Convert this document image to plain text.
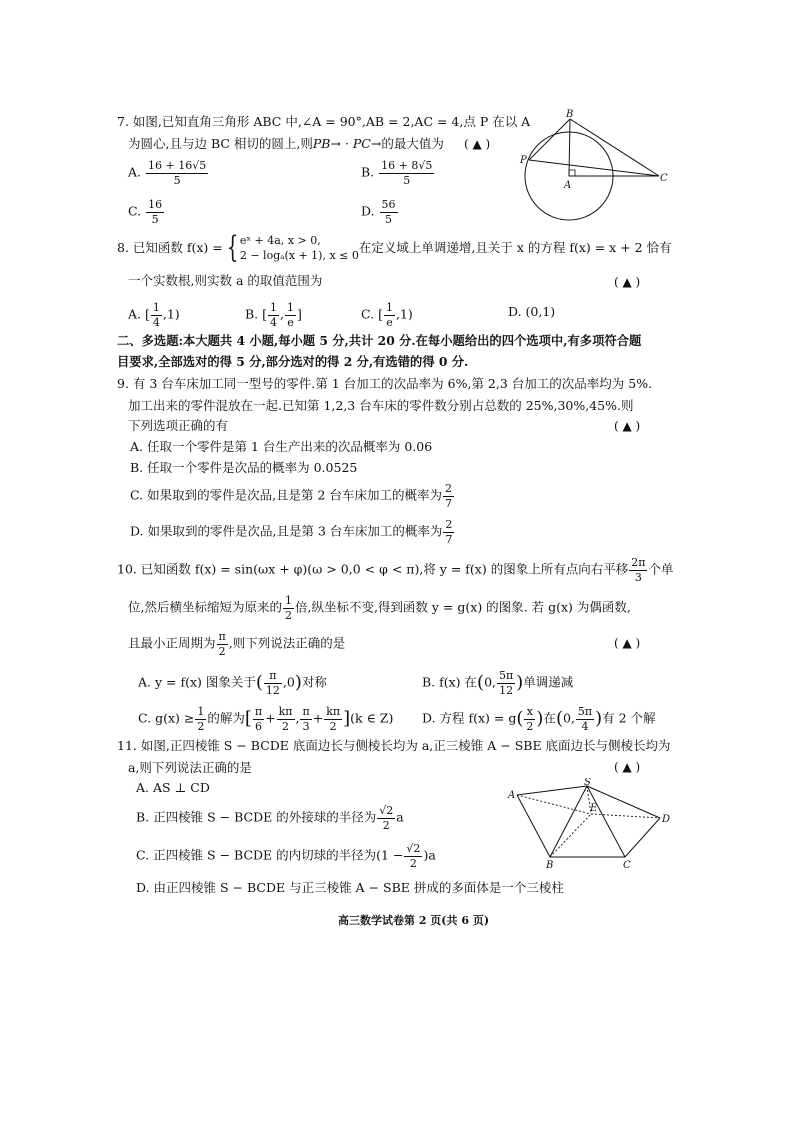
7. 如图,已知直角三角形 ABC 中,∠A = 90°,AB = 2,AC = 4,点 P 在以 A
为圆心,且与边 BC 相切的圆上,则PB→ · PC→的最大值为 ( ▲ )
A. $\frac{16 + 16√5}{5}$	B. $\frac{16 + 8√5}{5}$
C. $\frac{16}{5}$	D. $\frac{56}{5}$
B
A
C
P
8. 已知函数 f(x) = { eˣ + 4a, x > 0,
2 − logₐ(x + 1), x ≤ 0
在定义域上单调递增,且关于 x 的方程 f(x) = x + 2 恰有
一个实数根,则实数 a 的取值范围为	( ▲ )
A. [ $\frac{1}{4} ,1$)	B. [ $\frac{1}{4}$ , $\frac{1}{e}$ ]	C. [ $\frac{1}{e} ,1$)	D. (0,1)
二、多选题:本大题共 4 小题,每小题 5 分,共计 20 分.在每小题给出的四个选项中,有多项符合题
目要求,全部选对的得 5 分,部分选对的得 2 分,有选错的得 0 分.
9. 有 3 台车床加工同一型号的零件.第 1 台加工的次品率为 6%,第 2,3 台加工的次品率均为 5%.
加工出来的零件混放在一起.已知第 1,2,3 台车床的零件数分别占总数的 25%,30%,45%.则
下列选项正确的有	( ▲ )
A. 任取一个零件是第 1 台生产出来的次品概率为 0.06
B. 任取一个零件是次品的概率为 0.0525
C. 如果取到的零件是次品,且是第 2 台车床加工的概率为 $\frac{2}{7}$
D. 如果取到的零件是次品,且是第 3 台车床加工的概率为 $\frac{2}{7}$
10. 已知函数 f(x) = sin(ωx + φ)(ω > 0,0 < φ < π),将 y = f(x) 的图象上所有点向右平移 $\frac{2\pi}{3}$ 个单
位,然后横坐标缩短为原来的 $\frac{1}{2}$ 倍,纵坐标不变,得到函数 y = g(x) 的图象. 若 g(x) 为偶函数,
且最小正周期为 $\frac{\pi}{2}$ ,则下列说法正确的是	( ▲ )
A. y = f(x) 图象关于( $\frac{\pi}{12} ,0$)对称	B. f(x) 在(0, $\frac{5\pi}{12}$ )单调递减
C. $g(x) \ge \frac{1}{2}$ 的解为[ $\frac{\pi}{6} + \frac{k\pi}{2}$ , $\frac{\pi}{3} + \frac{k\pi}{2} ](k$ ∈ Z) D. 方程 $f(x) = g( \frac{x}{2}$ )在(0, $\frac{5\pi}{4}$ )有 2 个解
11. 如图,正四棱锥 S − BCDE 底面边长与侧棱长均为 a,正三棱锥 A − SBE 底面边长与侧棱长均为
a,则下列说法正确的是	( ▲ )
A. AS ⊥ CD
B. 正四棱锥 S − BCDE 的外接球的半径为 $\frac{√2}{2}$ a
C. 正四棱锥 S − BCDE 的内切球的半径为$(1 - \frac{√2}{2} )a$
D. 由正四棱锥 S − BCDE 与正三棱锥 A − SBE 拼成的多面体是一个三棱柱
S
A
E
D
B	C
高三数学试卷第 2 页(共 6 页)
